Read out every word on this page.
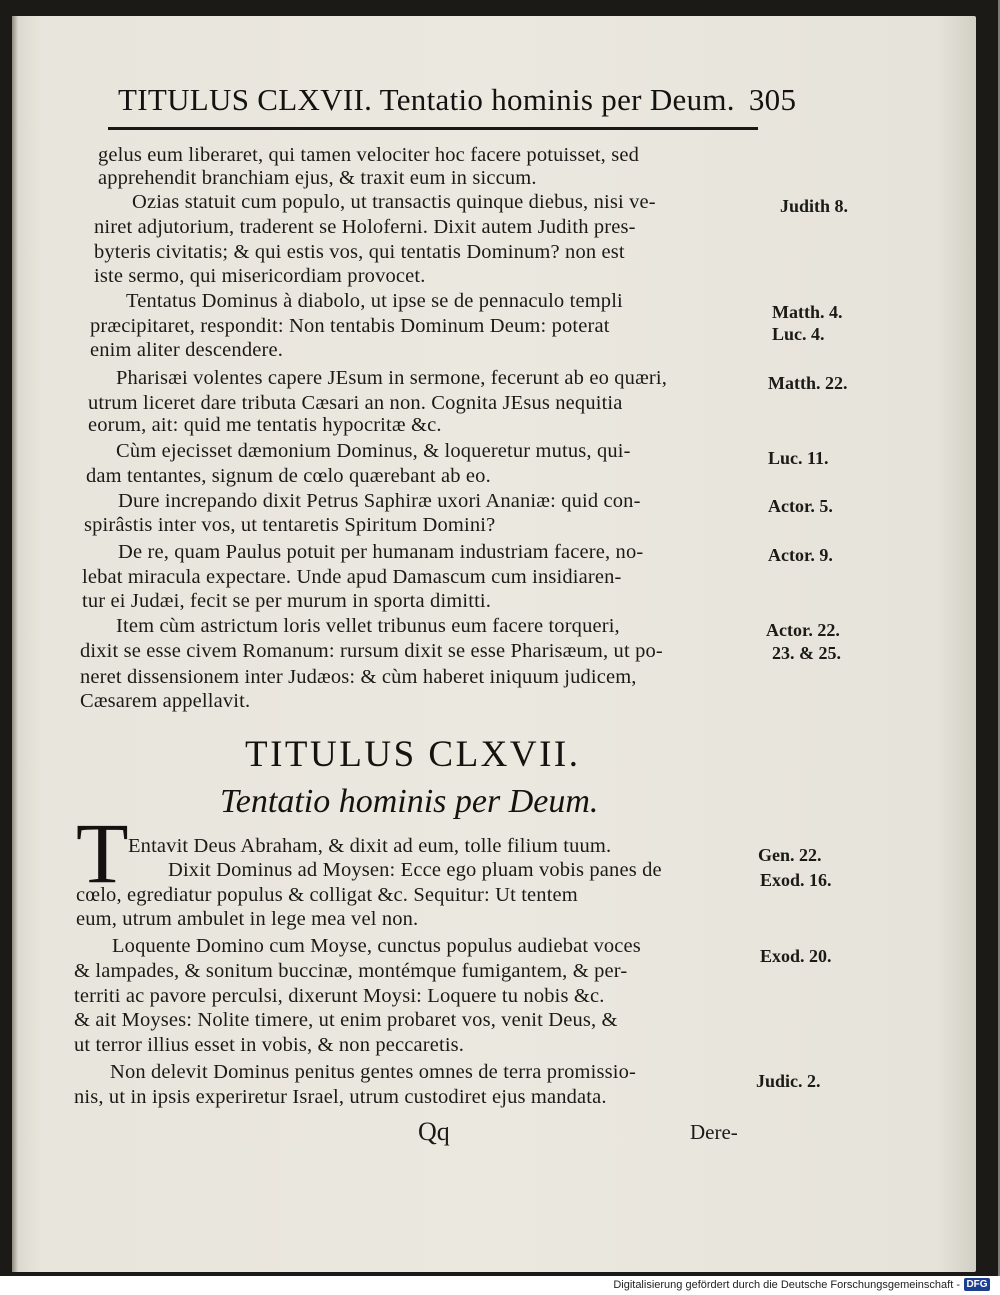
TITULUS CLXVII. Tentatio hominis per Deum. 305
gelus eum liberaret, qui tamen velociter hoc facere potuisset, sed
apprehendit branchiam ejus, & traxit eum in siccum.
Ozias statuit cum populo, ut transactis quinque diebus, nisi ve-
niret adjutorium, traderent se Holoferni. Dixit autem Judith pres-
byteris civitatis; & qui estis vos, qui tentatis Dominum? non est
iste sermo, qui misericordiam provocet.
Tentatus Dominus à diabolo, ut ipse se de pennaculo templi
præcipitaret, respondit: Non tentabis Dominum Deum: poterat
enim aliter descendere.
Pharisæi volentes capere JEsum in sermone, fecerunt ab eo quæri,
utrum liceret dare tributa Cæsari an non. Cognita JEsus nequitia
eorum, ait: quid me tentatis hypocritæ &c.
Cùm ejecisset dæmonium Dominus, & loqueretur mutus, qui-
dam tentantes, signum de cœlo quærebant ab eo.
Dure increpando dixit Petrus Saphiræ uxori Ananiæ: quid con-
spirâstis inter vos, ut tentaretis Spiritum Domini?
De re, quam Paulus potuit per humanam industriam facere, no-
lebat miracula expectare. Unde apud Damascum cum insidiaren-
tur ei Judæi, fecit se per murum in sporta dimitti.
Item cùm astrictum loris vellet tribunus eum facere torqueri,
dixit se esse civem Romanum: rursum dixit se esse Pharisæum, ut po-
neret dissensionem inter Judæos: & cùm haberet iniquum judicem,
Cæsarem appellavit.
Judith 8.
Matth. 4.
Luc. 4.
Matth. 22.
Luc. 11.
Actor. 5.
Actor. 9.
Actor. 22.
23. & 25.
TITULUS CLXVII.
Tentatio hominis per Deum.
T Entavit Deus Abraham, & dixit ad eum, tolle filium tuum.
Dixit Dominus ad Moysen: Ecce ego pluam vobis panes de
cœlo, egrediatur populus & colligat &c. Sequitur: Ut tentem
eum, utrum ambulet in lege mea vel non.
Loquente Domino cum Moyse, cunctus populus audiebat voces
& lampades, & sonitum buccinæ, montémque fumigantem, & per-
territi ac pavore perculsi, dixerunt Moysi: Loquere tu nobis &c.
& ait Moyses: Nolite timere, ut enim probaret vos, venit Deus, &
ut terror illius esset in vobis, & non peccaretis.
Non delevit Dominus penitus gentes omnes de terra promissio-
nis, ut in ipsis experiretur Israel, utrum custodiret ejus mandata.
Gen. 22.
Exod. 16.
Exod. 20.
Judic. 2.
Qq	Dere-
Digitalisierung gefördert durch die Deutsche Forschungsgemeinschaft - DFG
